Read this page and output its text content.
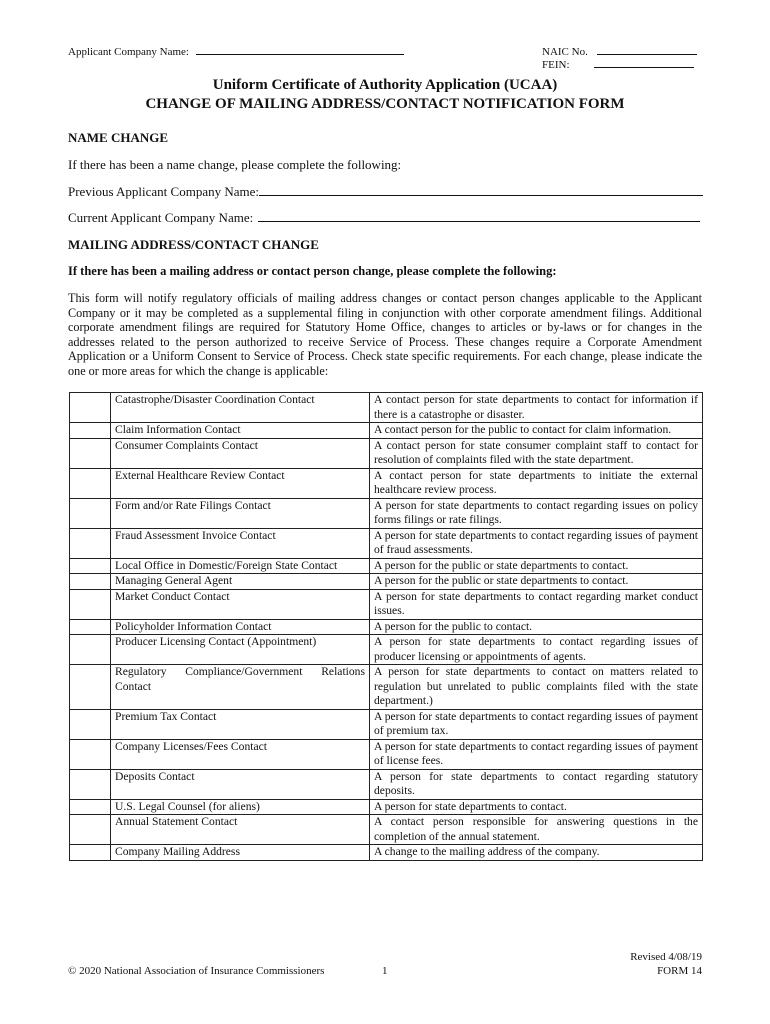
Applicant Company Name:	NAIC No.
FEIN:
Uniform Certificate of Authority Application (UCAA)
CHANGE OF MAILING ADDRESS/CONTACT NOTIFICATION FORM
NAME CHANGE
If there has been a name change, please complete the following:
Previous Applicant Company Name:
Current Applicant Company Name:
MAILING ADDRESS/CONTACT CHANGE
If there has been a mailing address or contact person change, please complete the following:
This form will notify regulatory officials of mailing address changes or contact person changes applicable to the Applicant Company or it may be completed as a supplemental filing in conjunction with other corporate amendment filings. Additional corporate amendment filings are required for Statutory Home Office, changes to articles or by-laws or for changes in the addresses related to the person authorized to receive Service of Process. These changes require a Corporate Amendment Application or a Uniform Consent to Service of Process. Check state specific requirements. For each change, please indicate the one or more areas for which the change is applicable:
	Catastrophe/Disaster Coordination Contact	A contact person for state departments to contact for information if there is a catastrophe or disaster.
	Claim Information Contact	A contact person for the public to contact for claim information.
	Consumer Complaints Contact	A contact person for state consumer complaint staff to contact for resolution of complaints filed with the state department.
	External Healthcare Review Contact	A contact person for state departments to initiate the external healthcare review process.
	Form and/or Rate Filings Contact	A person for state departments to contact regarding issues on policy forms filings or rate filings.
	Fraud Assessment Invoice Contact	A person for state departments to contact regarding issues of payment of fraud assessments.
	Local Office in Domestic/Foreign State Contact	A person for the public or state departments to contact.
	Managing General Agent	A person for the public or state departments to contact.
	Market Conduct Contact	A person for state departments to contact regarding market conduct issues.
	Policyholder Information Contact	A person for the public to contact.
	Producer Licensing Contact (Appointment)	A person for state departments to contact regarding issues of producer licensing or appointments of agents.
	Regulatory Compliance/Government Relations Contact	A person for state departments to contact on matters related to regulation but unrelated to public complaints filed with the state department.)
	Premium Tax Contact	A person for state departments to contact regarding issues of payment of premium tax.
	Company Licenses/Fees Contact	A person for state departments to contact regarding issues of payment of license fees.
	Deposits Contact	A person for state departments to contact regarding statutory deposits.
	U.S. Legal Counsel (for aliens)	A person for state departments to contact.
	Annual Statement Contact	A contact person responsible for answering questions in the completion of the annual statement.
	Company Mailing Address	A change to the mailing address of the company.
© 2020 National Association of Insurance Commissioners	1
Revised 4/08/19
FORM 14
